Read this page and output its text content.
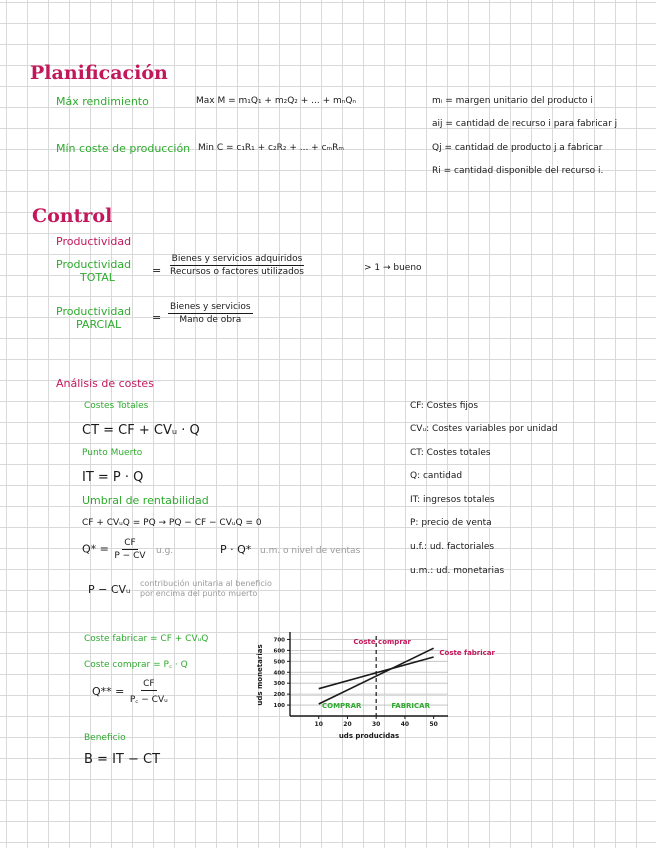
Planificación
Máx rendimiento	Max M = m₁Q₁ + m₂Q₂ + ... + mₙQₙ
Mín coste de producción Min C = c₁R₁ + c₂R₂ + ... + cₘRₘ
mᵢ = margen unitario del producto i
aij = cantidad de recurso i para fabricar j
Qj = cantidad de producto j a fabricar
Ri = cantidad disponible del recurso i.
Control
Productividad
Productividad
TOTAL
= $\frac{\text{Bienes y servicios adquiridos}}{\text{Recursos o factores utilizados}}$	> 1 → bueno
Productividad
PARCIAL
= $\frac{\text{Bienes y servicios}}{\text{Mano de obra}}$
Análisis de costes
Costes Totales
CT = CF + CVᵤ · Q
Punto Muerto
IT = P · Q
Umbral de rentabilidad
CF + CVᵤQ = PQ → PQ − CF − CVᵤQ = 0
$Q* = \frac{CF}{P - CV} u.g$.	P · Q* u.m. o nivel de ventas
P − CVᵤ contribución unitaria al beneficio
por encima del punto muerto
CF: Costes fijos
CVᵤ: Costes variables por unidad
CT: Costes totales
Q: cantidad
IT: ingresos totales
P: precio de venta
u.f.: ud. factoriales
u.m.: ud. monetarias
Coste fabricar = CF + CVᵤQ
Coste comprar = P꜀ · Q
$Q** = \frac{CF}{\text{P꜀ − CVᵤ}}$
Beneficio
B = IT − CT
10	20	30	40	50
100
200
300
400
500
600
700
uds monetarias
uds producidas
Coste comprar
Coste fabricar
COMPRAR	FABRICAR
